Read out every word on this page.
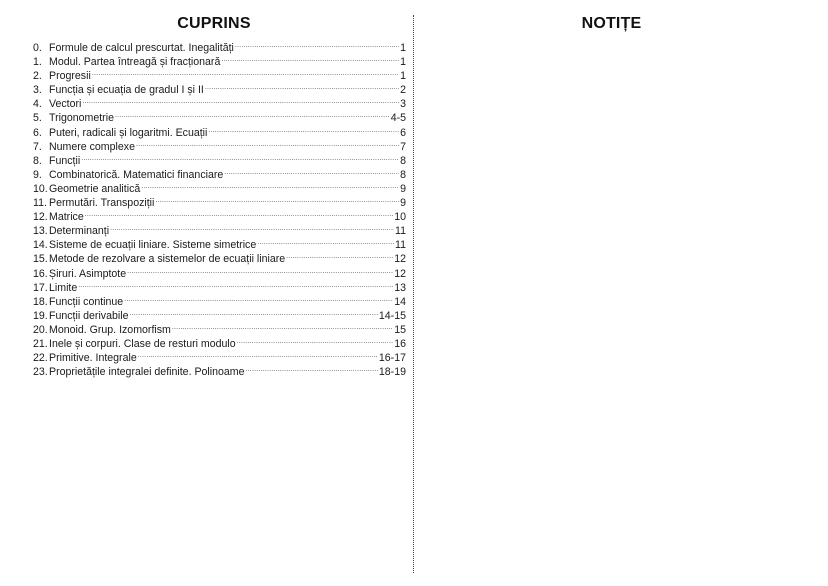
CUPRINS
0. Formule de calcul prescurtat. Inegalități .....	1
1. Modul. Partea întreagă și fracționară .....	1
2. Progresii .....	1
3. Funcția și ecuația de gradul I și II .....	2
4. Vectori .....	3
5. Trigonometrie .....	4-5
6. Puteri, radicali și logaritmi. Ecuații .....	6
7. Numere complexe .....	7
8. Funcții .....	8
9. Combinatorică. Matematici financiare .....	8
10. Geometrie analitică .....	9
11. Permutări. Transpoziții .....	9
12. Matrice .....	10
13. Determinanți .....	11
14. Sisteme de ecuații liniare. Sisteme simetrice .....	11
15. Metode de rezolvare a sistemelor de ecuații liniare .....	12
16. Șiruri. Asimptote .....	12
17. Limite .....	13
18. Funcții continue .....	14
19. Funcții derivabile .....	14-15
20. Monoid. Grup. Izomorfism .....	15
21. Inele și corpuri. Clase de resturi modulo .....	16
22. Primitive. Integrale .....	16-17
23. Proprietățile integralei definite. Polinoame .....	18-19
NOTIȚE
